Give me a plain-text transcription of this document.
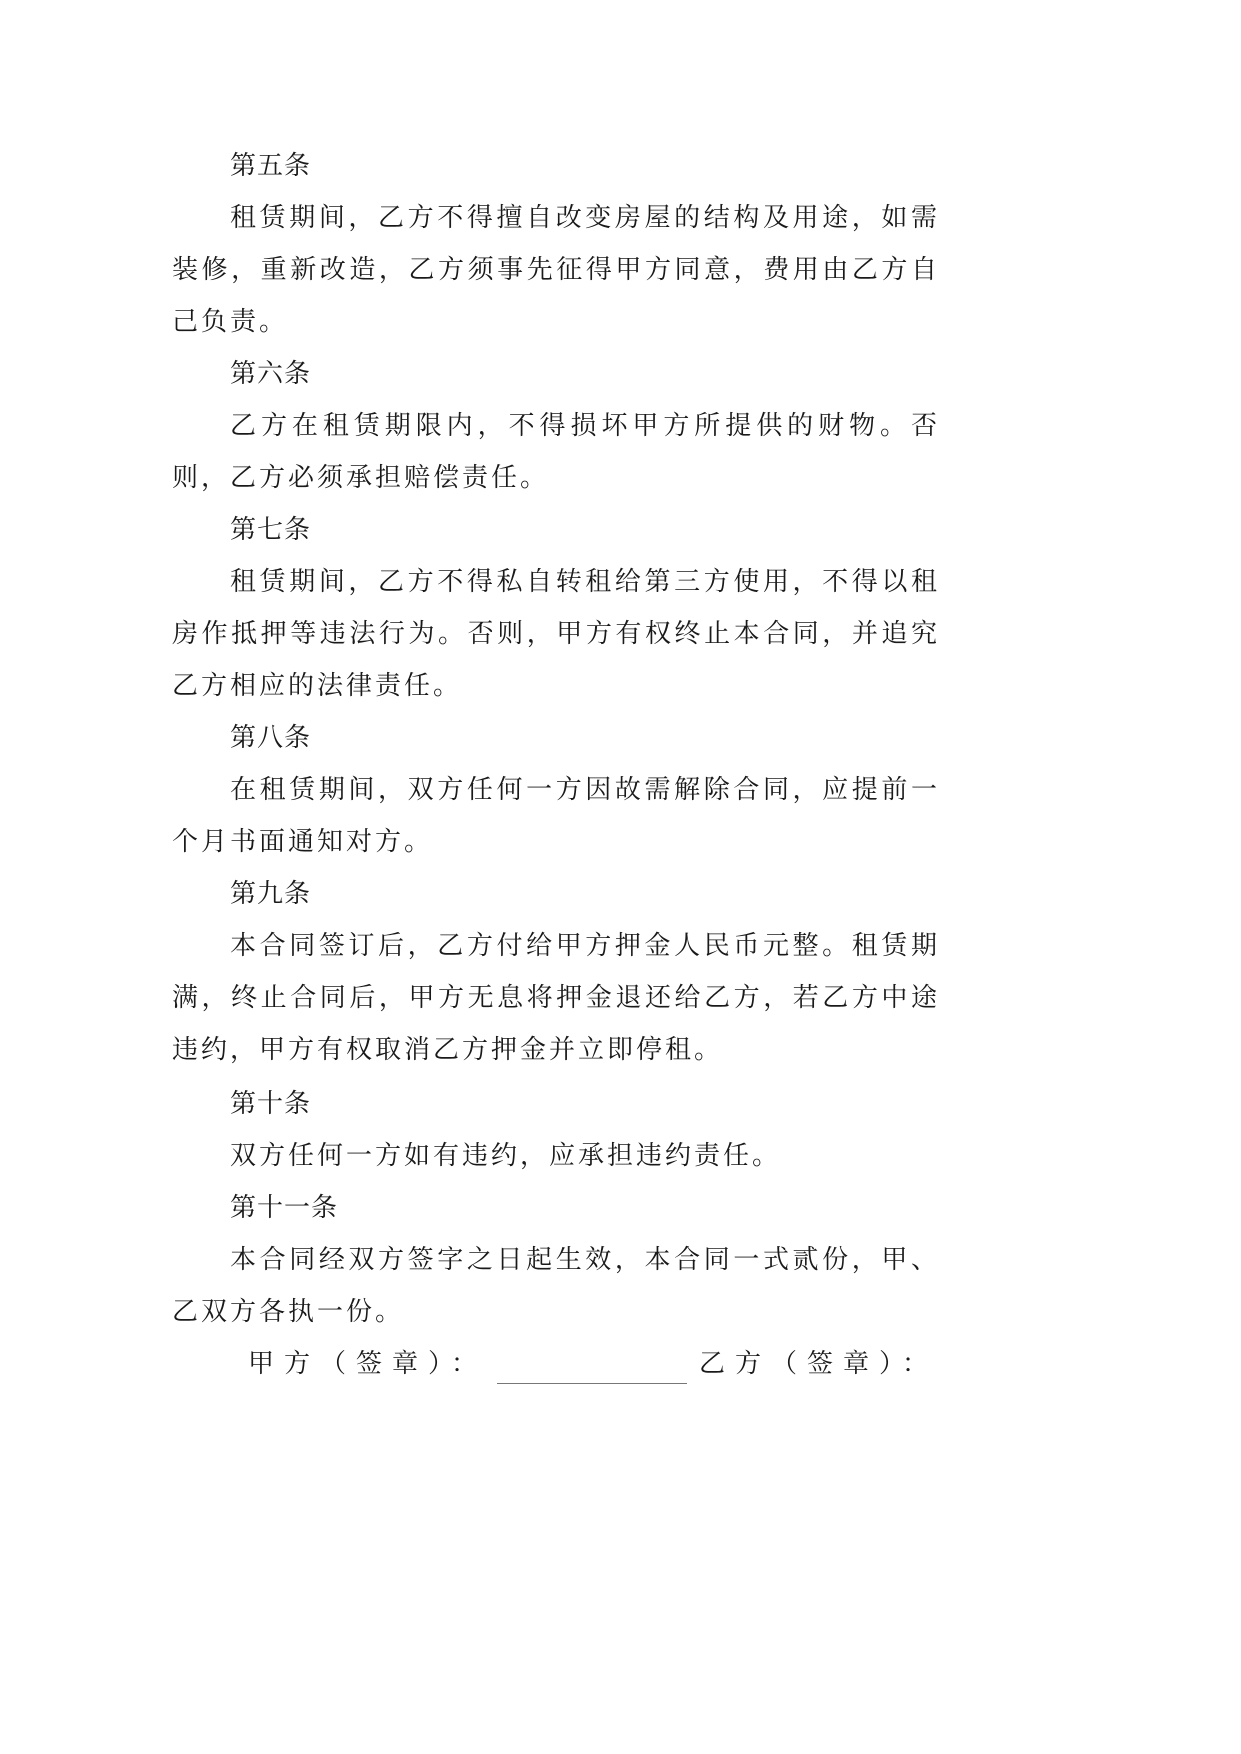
第五条
租赁期间，乙方不得擅自改变房屋的结构及用途，如需装修，重新改造，乙方须事先征得甲方同意，费用由乙方自己负责。
第六条
乙方在租赁期限内，不得损坏甲方所提供的财物。否则，乙方必须承担赔偿责任。
第七条
租赁期间，乙方不得私自转租给第三方使用，不得以租房作抵押等违法行为。否则，甲方有权终止本合同，并追究乙方相应的法律责任。
第八条
在租赁期间，双方任何一方因故需解除合同，应提前一个月书面通知对方。
第九条
本合同签订后，乙方付给甲方押金人民币元整。租赁期满，终止合同后，甲方无息将押金退还给乙方，若乙方中途违约，甲方有权取消乙方押金并立即停租。
第十条
双方任何一方如有违约，应承担违约责任。
第十一条
本合同经双方签字之日起生效，本合同一式贰份，甲、乙双方各执一份。
甲方（签章）：	乙方（签章）：
